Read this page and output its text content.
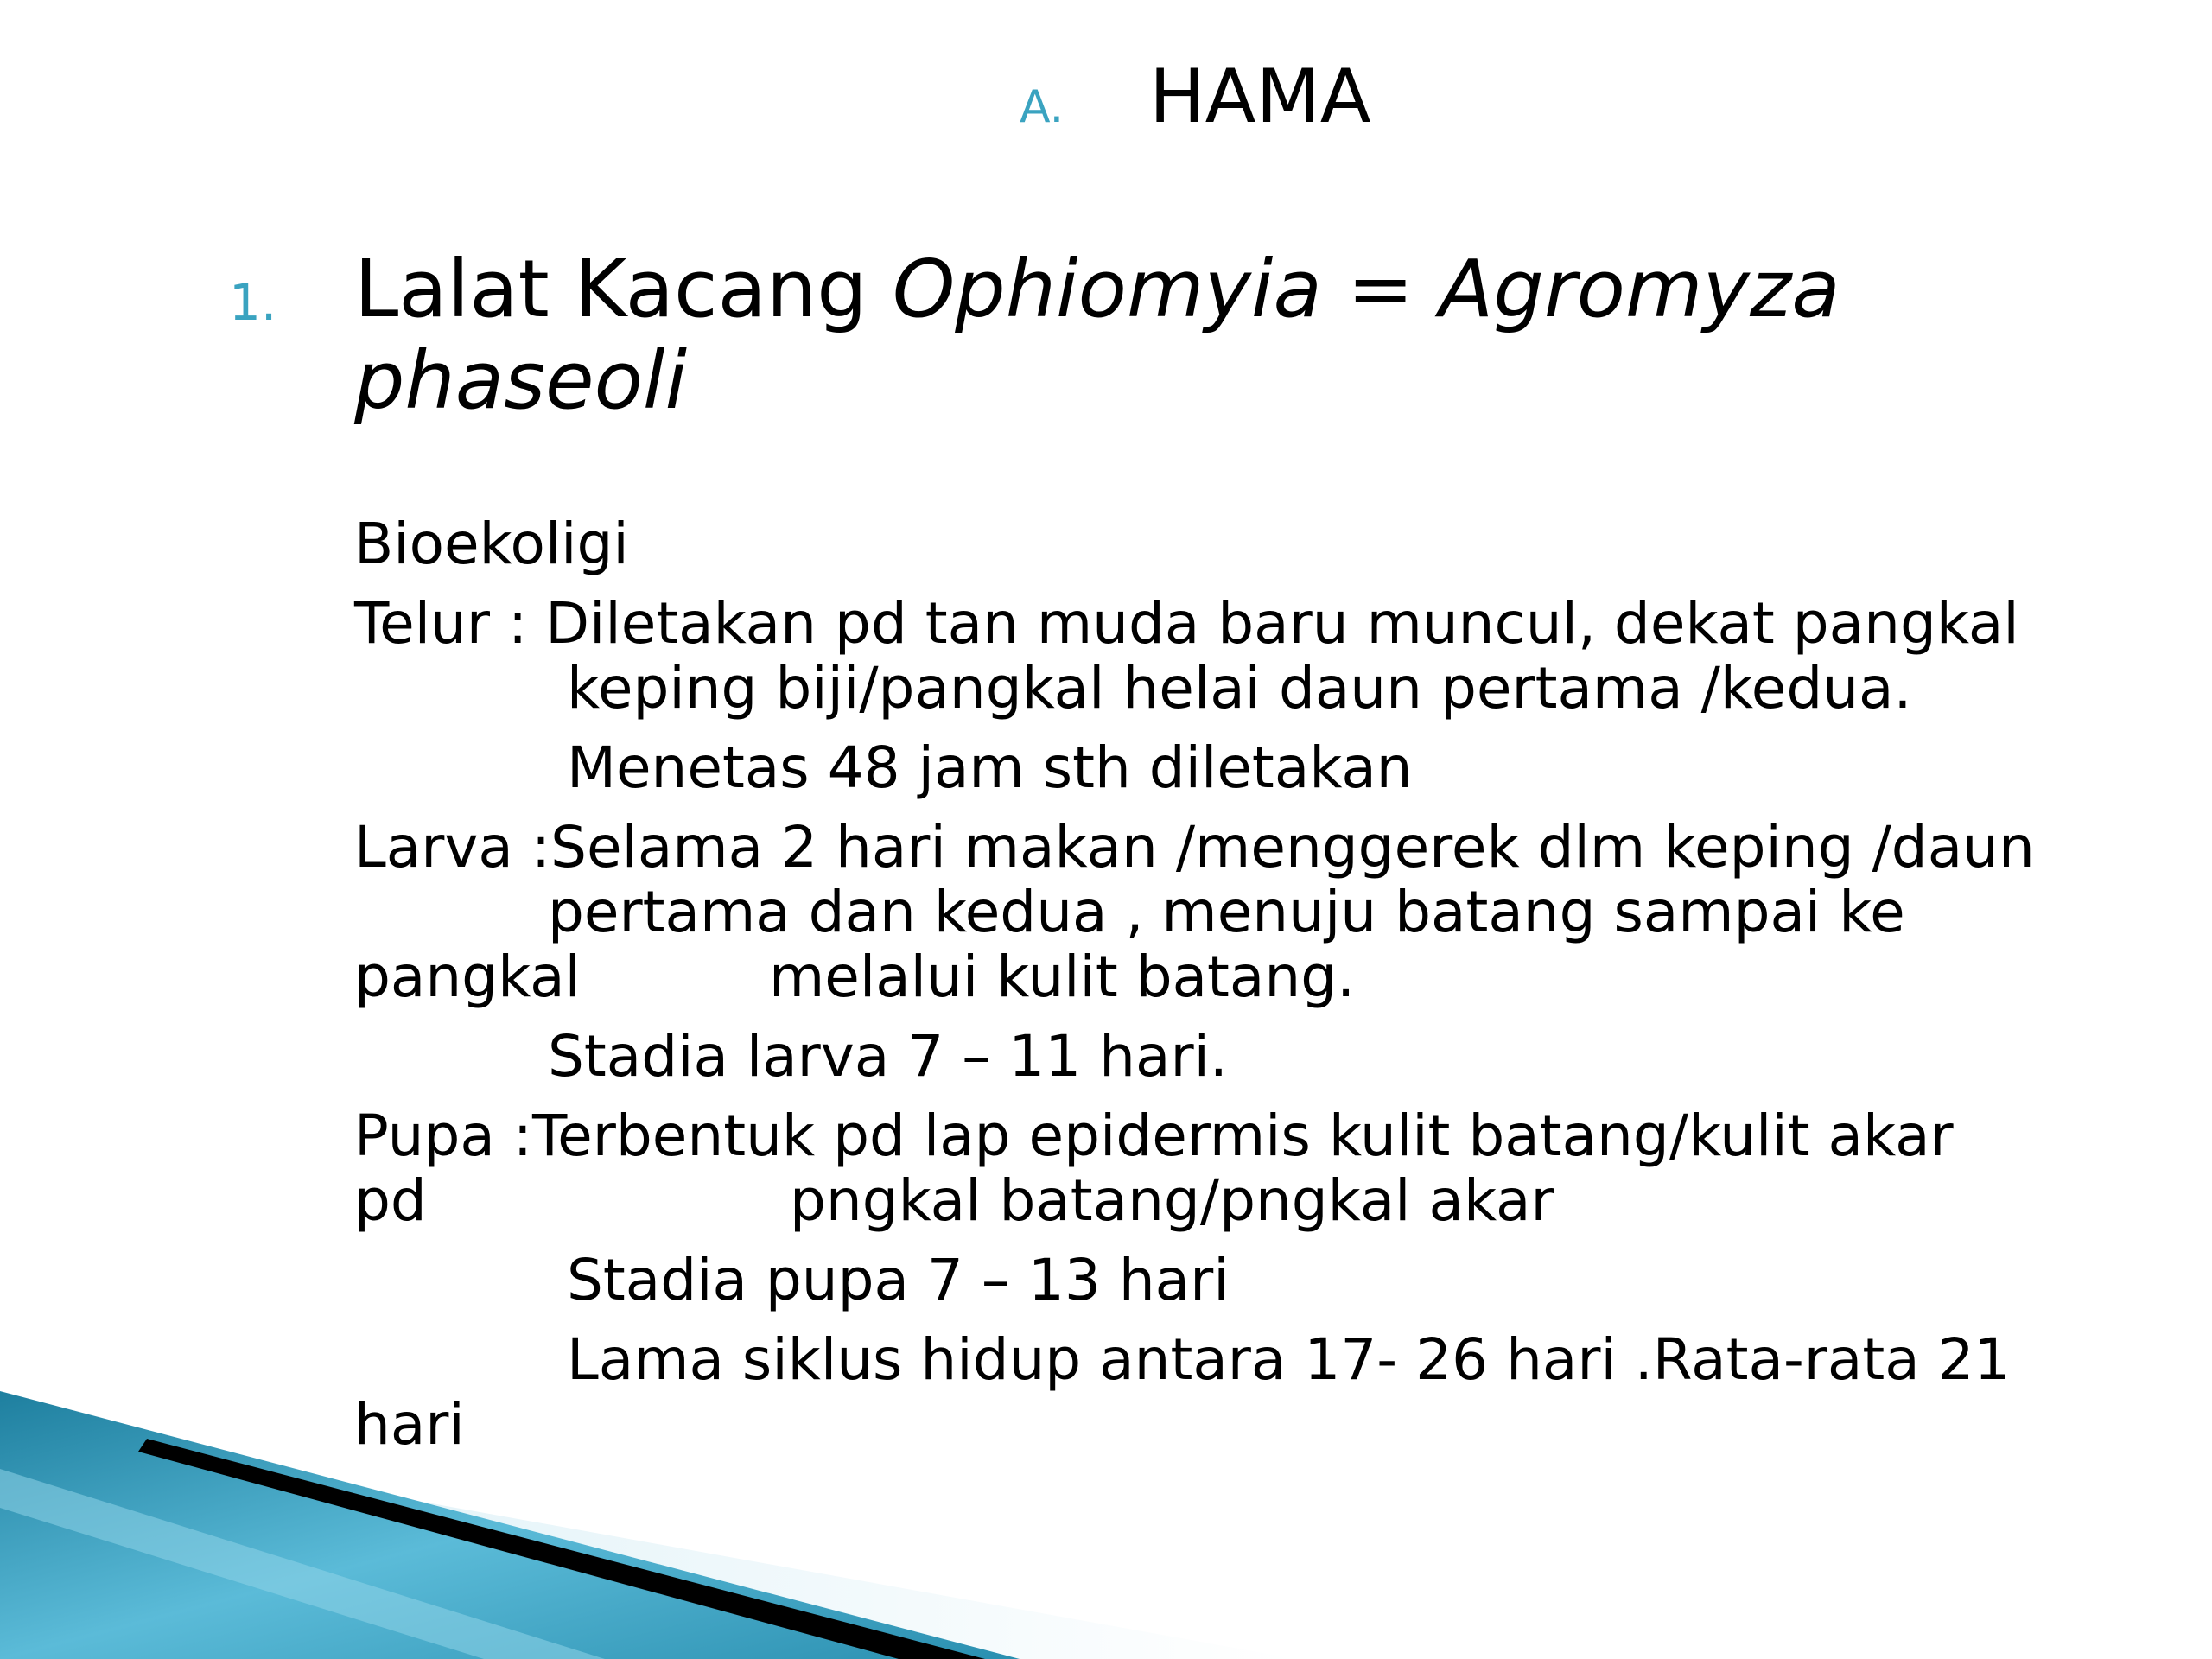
A.	HAMA
1. Lalat Kacang Ophiomyia = Agromyza
phaseoli
Bioekoligi
Telur : Diletakan pd tan muda baru muncul, dekat pangkal
keping biji/pangkal helai daun pertama /kedua.
Menetas 48 jam sth diletakan
Larva :Selama 2 hari makan /menggerek dlm keping /daun
pertama dan kedua , menuju batang sampai ke
pangkal	melalui kulit batang.
Stadia larva 7 – 11 hari.
Pupa :Terbentuk pd lap epidermis kulit batang/kulit akar
pd	pngkal batang/pngkal akar
Stadia pupa 7 – 13 hari
Lama siklus hidup antara 17- 26 hari .Rata-rata 21
hari
